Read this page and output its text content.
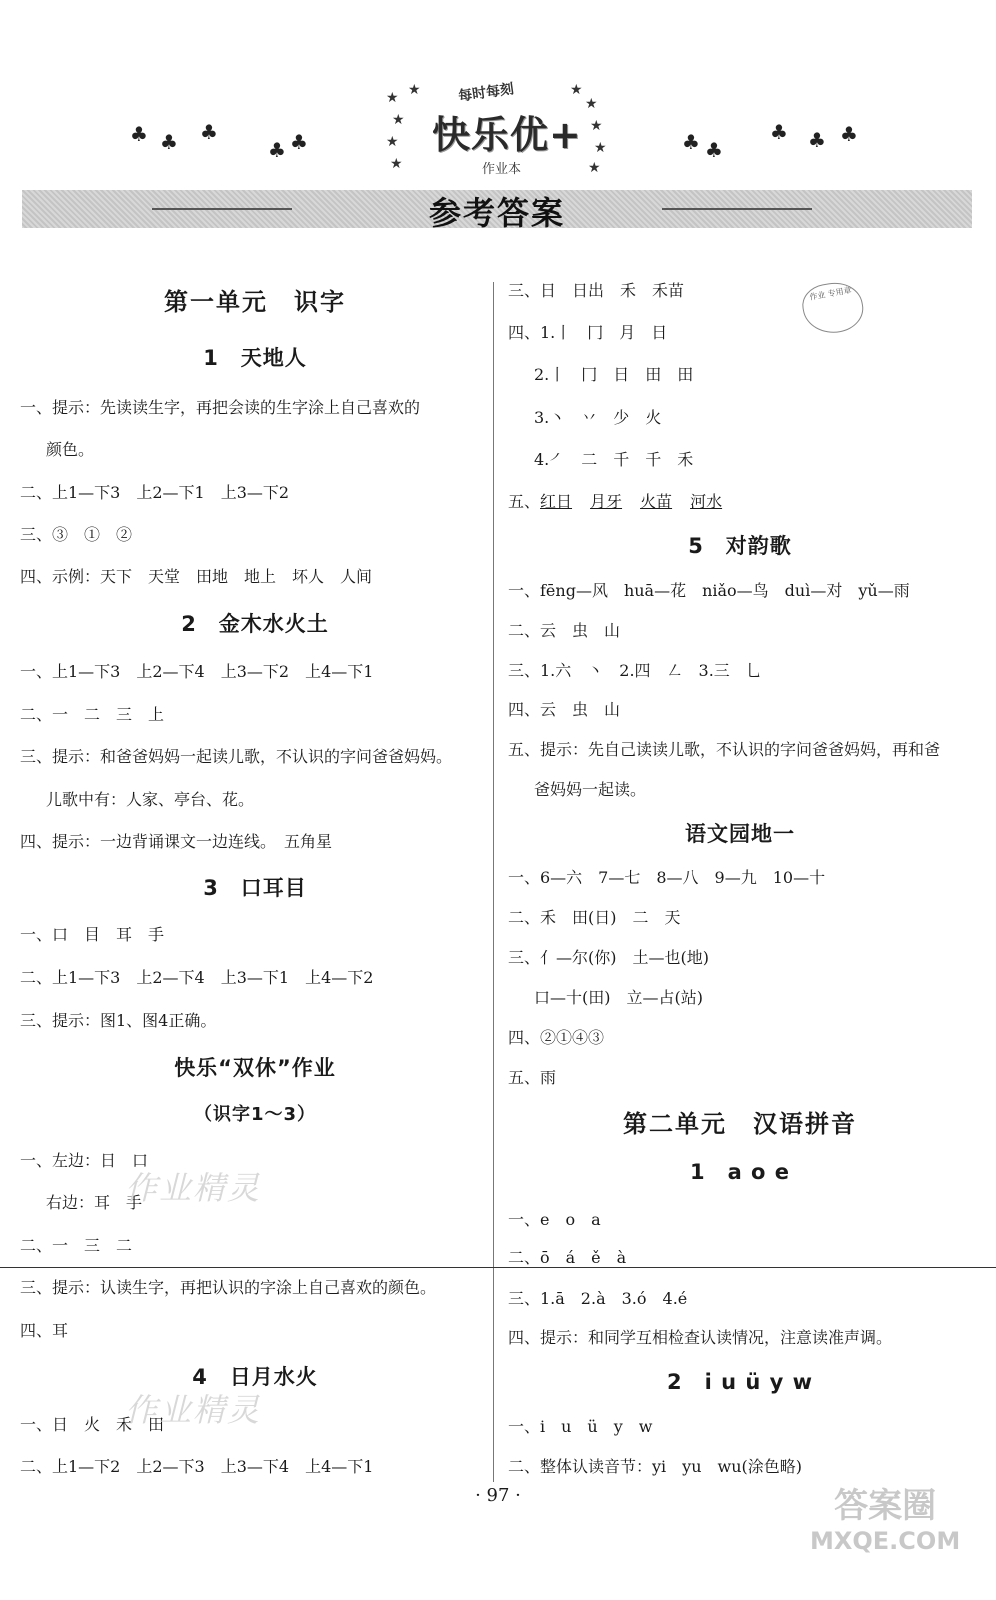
♣ ♣ ♣
♣ ♣	♣ ♣
♣ ♣ ♣
★
★
★
★
★	★
★
★
★
★
每时每刻
快乐优+
作业本
参考答案
第一单元　识字
1　天地人
一、提示：先读读生字，再把会读的生字涂上自己喜欢的
颜色。
二、上1—下3　上2—下1　上3—下2
三、③　①　②
四、示例：天下　天堂　田地　地上　坏人　人间
2　金木水火土
一、上1—下3　上2—下4　上3—下2　上4—下1
二、一　二　三　上
三、提示：和爸爸妈妈一起读儿歌，不认识的字问爸爸妈妈。
儿歌中有：人家、亭台、花。
四、提示：一边背诵课文一边连线。　五角星
3　口耳目
一、口　目　耳　手
二、上1—下3　上2—下4　上3—下1　上4—下2
三、提示：图1、图4正确。
快乐“双休”作业
（识字1～3）
一、左边：日　口
右边：耳　手
二、一　三　二
三、提示：认读生字，再把认识的字涂上自己喜欢的颜色。
四、耳
4　日月水火
一、日　火　禾　田
二、上1—下2　上2—下3　上3—下4　上4—下1
三、日　日出　禾　禾苗
四、1.丨　冂　月　日
2.丨　冂　日　田　田
3.丶　丷　少　火
4.㇒　二　千　千　禾
五、红日 月牙 火苗 河水
5　对韵歌
一、fēng—风　huā—花　niǎo—鸟　duì—对　yǔ—雨
二、云　虫　山
三、1.六　丶　2.四　㇜　3.三　乚
四、云　虫　山
五、提示：先自己读读儿歌，不认识的字问爸爸妈妈，再和爸
爸妈妈一起读。
语文园地一
一、6—六　7—七　8—八　9—九　10—十
二、禾　田(日)　二　天
三、亻—尔(你)　土—也(地)
口—十(田)　立—占(站)
四、②①④③
五、雨
第二单元　汉语拼音
1　a o e
一、e　o　a
二、ō　á　ě　à
三、1.ā　2.à　3.ó　4.é
四、提示：和同学互相检查认读情况，注意读准声调。
2　i u ü y w
一、i　u　ü　y　w
二、整体认读音节：yi　yu　wu(涂色略)
作业 专用章
作业精灵
作业精灵
· 97 ·	答案圈
MXQE.COM
